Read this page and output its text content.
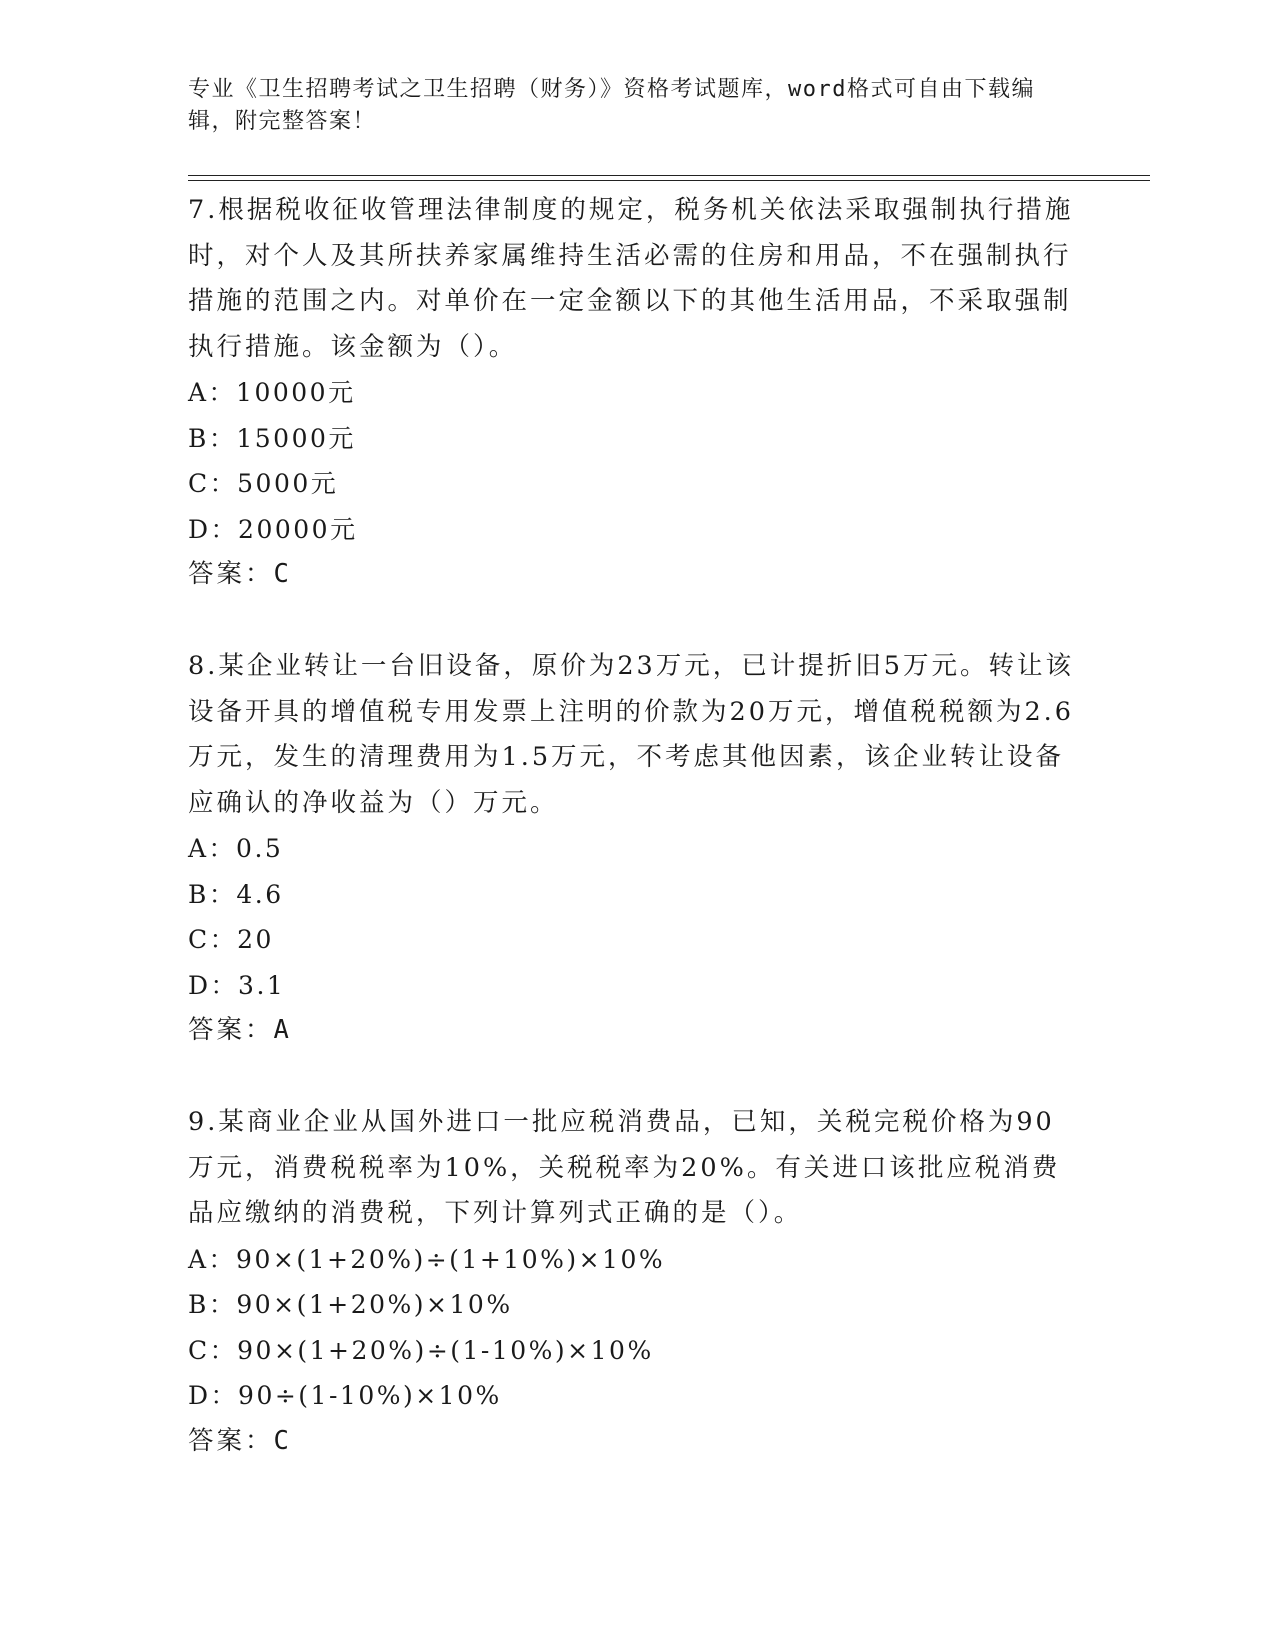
专业《卫生招聘考试之卫生招聘（财务）》资格考试题库，word格式可自由下载编辑，附完整答案！

7.根据税收征收管理法律制度的规定，税务机关依法采取强制执行措施时，对个人及其所扶养家属维持生活必需的住房和用品，不在强制执行措施的范围之内。对单价在一定金额以下的其他生活用品，不采取强制执行措施。该金额为（）。

A：10000元
B：15000元
C：5000元
D：20000元
答案：C

8.某企业转让一台旧设备，原价为23万元，已计提折旧5万元。转让该设备开具的增值税专用发票上注明的价款为20万元，增值税税额为2.6万元，发生的清理费用为1.5万元，不考虑其他因素，该企业转让设备应确认的净收益为（）万元。

A：0.5
B：4.6
C：20
D：3.1
答案：A

9.某商业企业从国外进口一批应税消费品，已知，关税完税价格为90万元，消费税税率为10%，关税税率为20%。有关进口该批应税消费品应缴纳的消费税，下列计算列式正确的是（）。

A：90×(1+20%)÷(1+10%)×10%
B：90×(1+20%)×10%
C：90×(1+20%)÷(1-10%)×10%
D：90÷(1-10%)×10%
答案：C
